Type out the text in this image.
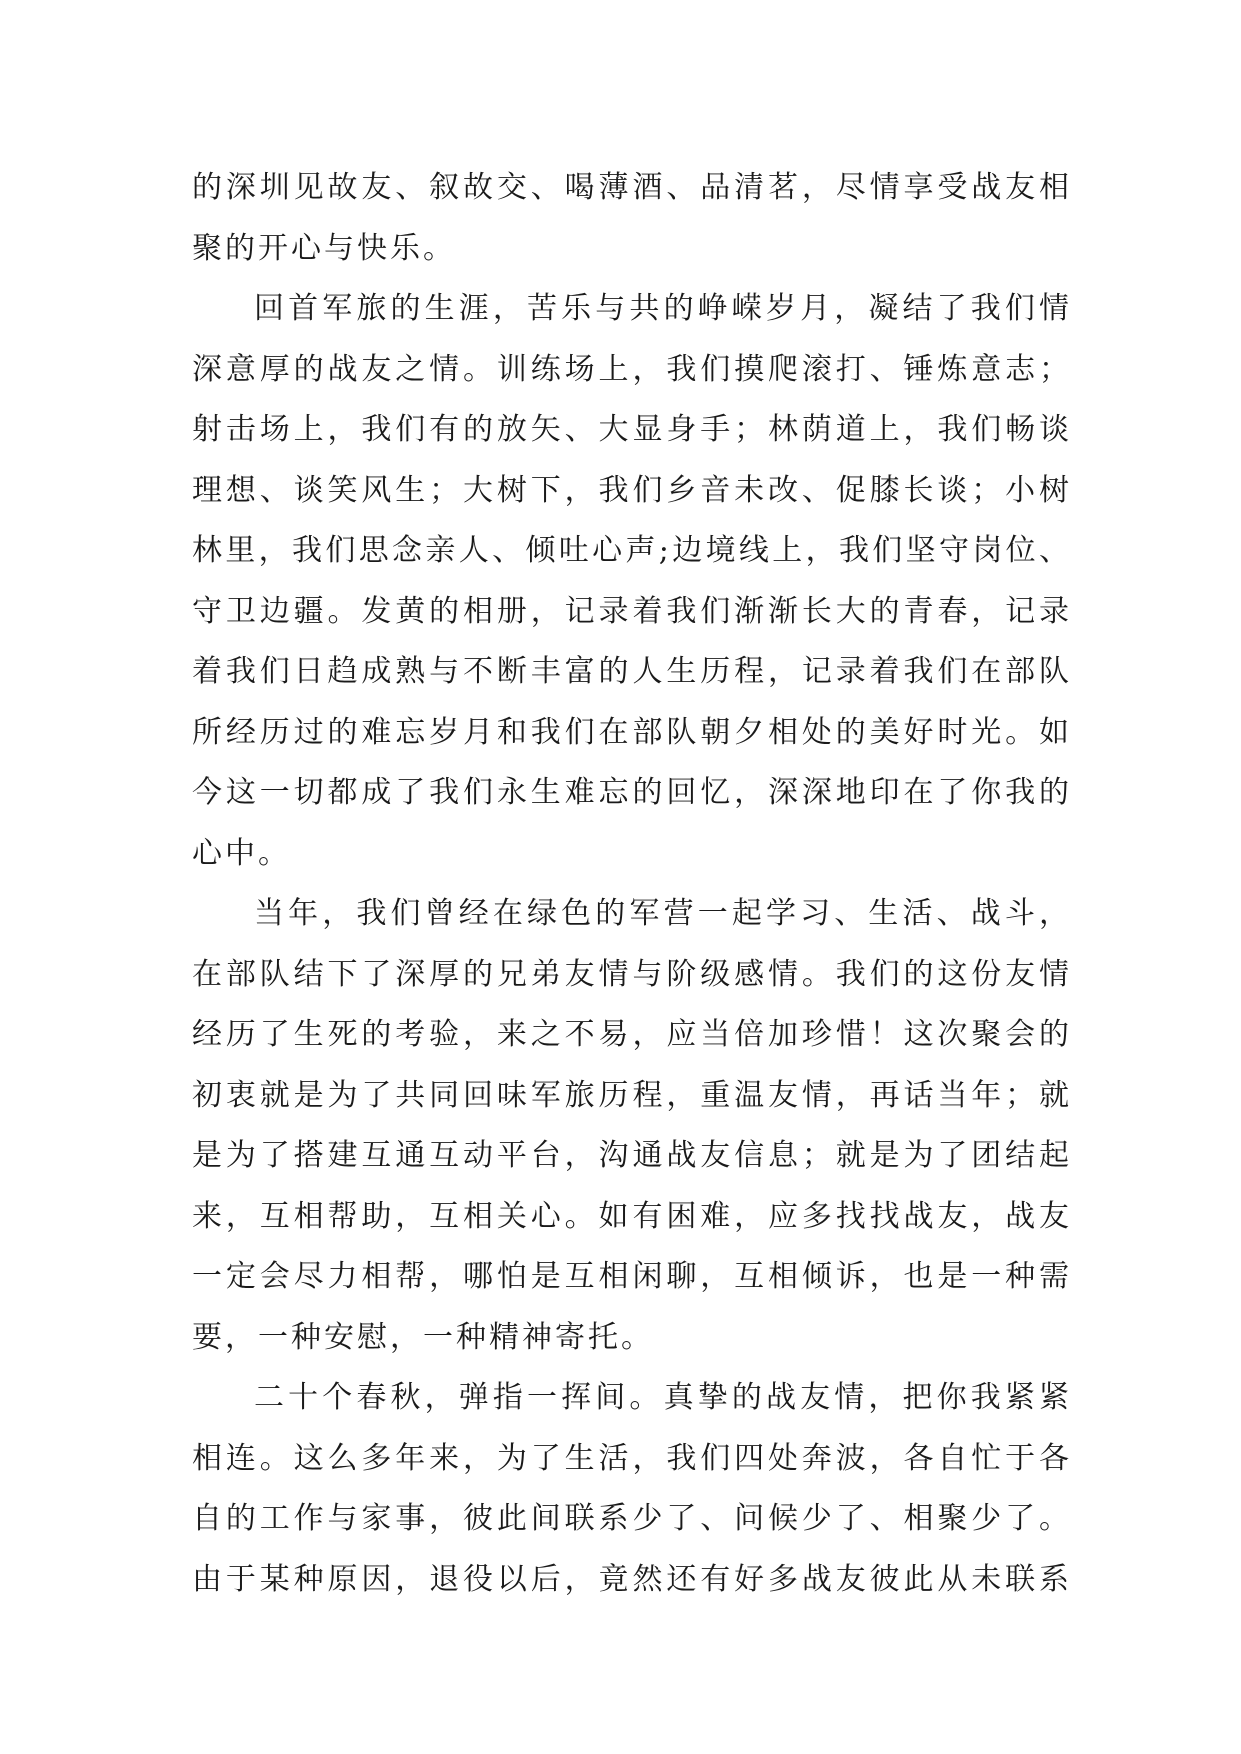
的深圳见故友、叙故交、喝薄酒、品清茗，尽情享受战友相
聚的开心与快乐。
回首军旅的生涯，苦乐与共的峥嵘岁月，凝结了我们情
深意厚的战友之情。训练场上，我们摸爬滚打、锤炼意志；
射击场上，我们有的放矢、大显身手；林荫道上，我们畅谈
理想、谈笑风生；大树下，我们乡音未改、促膝长谈；小树
林里，我们思念亲人、倾吐心声;边境线上，我们坚守岗位、
守卫边疆。发黄的相册，记录着我们渐渐长大的青春，记录
着我们日趋成熟与不断丰富的人生历程，记录着我们在部队
所经历过的难忘岁月和我们在部队朝夕相处的美好时光。如
今这一切都成了我们永生难忘的回忆，深深地印在了你我的
心中。
当年，我们曾经在绿色的军营一起学习、生活、战斗，
在部队结下了深厚的兄弟友情与阶级感情。我们的这份友情
经历了生死的考验，来之不易，应当倍加珍惜！这次聚会的
初衷就是为了共同回味军旅历程，重温友情，再话当年；就
是为了搭建互通互动平台，沟通战友信息；就是为了团结起
来，互相帮助，互相关心。如有困难，应多找找战友，战友
一定会尽力相帮，哪怕是互相闲聊，互相倾诉，也是一种需
要，一种安慰，一种精神寄托。
二十个春秋，弹指一挥间。真挚的战友情，把你我紧紧
相连。这么多年来，为了生活，我们四处奔波，各自忙于各
自的工作与家事，彼此间联系少了、问候少了、相聚少了。
由于某种原因，退役以后，竟然还有好多战友彼此从未联系
